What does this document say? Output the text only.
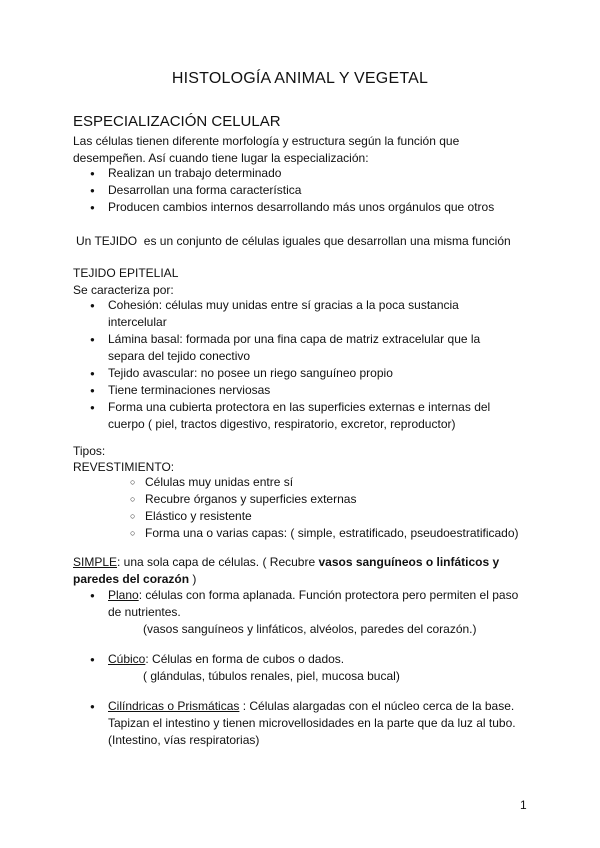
HISTOLOGÍA ANIMAL Y VEGETAL
ESPECIALIZACIÓN CELULAR
Las células tienen diferente morfología y estructura según la función que
desempeñen. Así cuando tiene lugar la especialización:
● Realizan un trabajo determinado
● Desarrollan una forma característica
● Producen cambios internos desarrollando más unos orgánulos que otros
Un TEJIDO es un conjunto de células iguales que desarrollan una misma función
TEJIDO EPITELIAL
Se caracteriza por:
● Cohesión: células muy unidas entre sí gracias a la poca sustancia
intercelular
● Lámina basal: formada por una fina capa de matriz extracelular que la
separa del tejido conectivo
● Tejido avascular: no posee un riego sanguíneo propio
● Tiene terminaciones nerviosas
● Forma una cubierta protectora en las superficies externas e internas del
cuerpo ( piel, tractos digestivo, respiratorio, excretor, reproductor)
Tipos:
REVESTIMIENTO:
○ Células muy unidas entre sí
○ Recubre órganos y superficies externas
○ Elástico y resistente
○ Forma una o varias capas: ( simple, estratificado, pseudoestratificado)
SIMPLE: una sola capa de células. ( Recubre vasos sanguíneos o linfáticos y
paredes del corazón )
● Plano: células con forma aplanada. Función protectora pero permiten el paso
de nutrientes.
(vasos sanguíneos y linfáticos, alvéolos, paredes del corazón.)
● Cúbico: Células en forma de cubos o dados.
( glándulas, túbulos renales, piel, mucosa bucal)
● Cilíndricas o Prismáticas : Células alargadas con el núcleo cerca de la base.
Tapizan el intestino y tienen microvellosidades en la parte que da luz al tubo.
(Intestino, vías respiratorias)
1
